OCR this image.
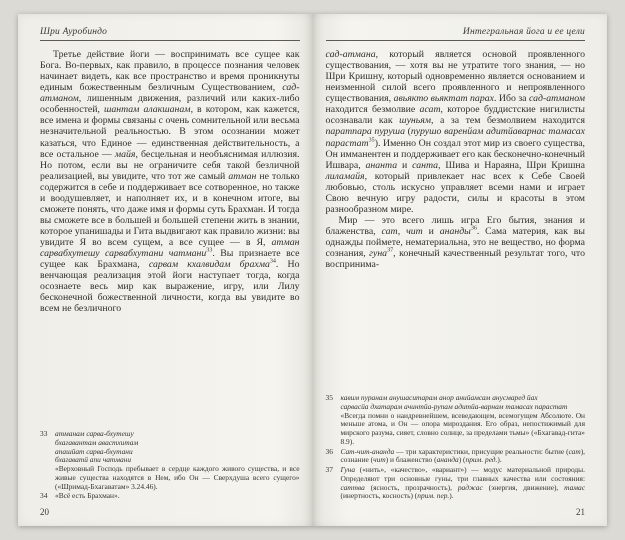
Шри Ауробиндо

Третье действие йоги — воспринимать все сущее как Бога. Во-первых, как правило, в процессе познания человек начинает видеть, как все пространство и время проникнуты единым божественным безличным Существованием, сад-атманом, лишенным движения, различий или каких-либо особенностей, шантам алакшанам, в котором, как кажется, все имена и формы связаны с очень сомнительной или весьма незначительной реальностью. В этом осознании может казаться, что Единое — единственная действительность, а все остальное — майя, бесцельная и необъяснимая иллюзия. Но потом, если вы не ограничите себя такой безличной реализацией, вы увидите, что тот же самый атман не только содержится в себе и поддерживает все сотворенное, но также и воодушевляет, и наполняет их, и в конечном итоге, вы сможете понять, что даже имя и формы суть Брахман. И тогда вы сможете все в большей и большей степени жить в знании, которое упанишады и Гита выдвигают как правило жизни: вы увидите Я во всем сущем, а все сущее — в Я, атман сарвабхутешу сарвабхутани чатмани$^{33}$. Вы признаете все сущее как Брахмана, сарвам кхалвидам брахма$^{34}$. Но венчающая реализация этой йоги наступает тогда, когда осознаете весь мир как выражение, игру, или Лилу бесконечной божественной личности, когда вы увидите во всем не безличного

33	атманам сарва-бхутешу
бхагавантам авастхитам
апашйат сарва-бхутани
бхагаватй апи чатмани
«Верховный Господь пребывает в сердце каждого живого существа, и все живые существа находятся в Нем, ибо Он — Сверхдуша всего сущего» («Шримад-Бхагаватам» 3.24.46).
34	«Всё есть Брахман».
20
Интегральная йога и ее цели

сад-атмана, который является основой проявленного существования, — хотя вы не утратите того знания, — но Шри Кришну, который одновременно является основанием и неизменной силой всего проявленного и непроявленного существования, авьякто вьяктат парах. Ибо за сад-атманом находится безмолвие асат, которое буддистские нигилисты осознавали как шуньям, а за тем безмолвием находится паратпара пуруша (пурушо варенйам адитйаварнас тамасах парастат$^{35}$). Именно Он создал этот мир из своего существа, Он имманентен и поддерживает его как бесконечно-конечный Ишвара, ананта и санта, Шива и Нараяна, Шри Кришна лиламайя, который привлекает нас всех к Себе Своей любовью, столь искусно управляет всеми нами и играет Свою вечную игру радости, силы и красоты в этом разнообразном мире.

Мир — это всего лишь игра Его бытия, знания и блаженства, сат, чит и ананды$^{36}$. Сама материя, как вы однажды поймете, нематериальна, это не вещество, но форма сознания, гуна$^{37}$, конечный качественный результат того, что воспринима-

35	кавим пуранам анушаситарам анор анийамсам анусмаред йах
сарвасйа дхатарам ачинтйа-рупам адитйа-варнам тамасах парастат
«Всегда помни о наидревнейшем, всеведающем, всемогущем Абсолюте. Он меньше атома, и Он — опора мироздания. Его образ, непостижимый для мирского разума, сияет, словно солнце, за пределами тьмы» («Бхагавад-гита» 8.9).
36	Сат-чит-ананда — три характеристики, присущие реальности: бытие (сат), сознание (чит) и блаженство (ананда) (прим. ред.).
37	Гуна («нить», «качество», «вариант») — модус материальной природы. Определяют три основные гуны, три главных качества или состояния: саттва (ясность, прозрачность), раджас (энергия, движение), тамас (инертность, косность) (прим. пер.).
21
